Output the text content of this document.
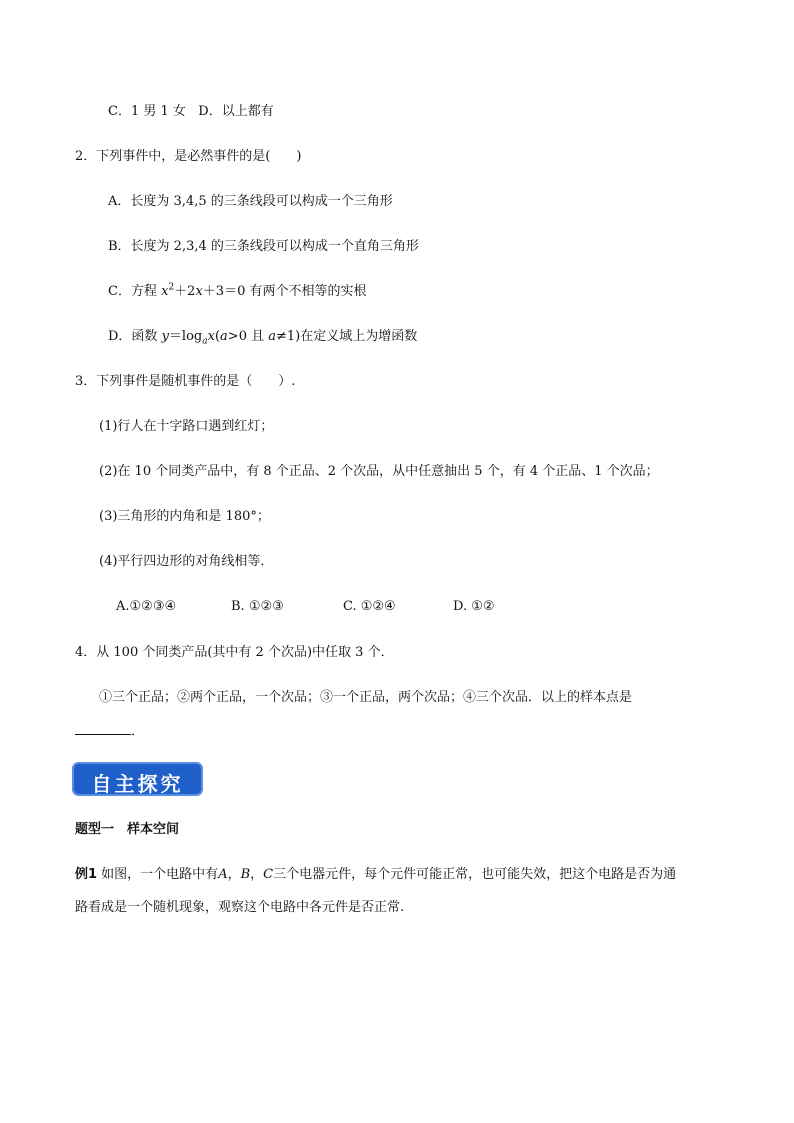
C．1 男 1 女 D．以上都有
2．下列事件中，是必然事件的是(　　)
A．长度为 3,4,5 的三条线段可以构成一个三角形
B．长度为 2,3,4 的三条线段可以构成一个直角三角形
C．方程 $x^2+2x+3=0$ 有两个不相等的实根
D．函数 $y=\log_ax(a>0$ 且 a≠1)在定义域上为增函数
3．下列事件是随机事件的是（　　）.
(1)行人在十字路口遇到红灯；
(2)在 10 个同类产品中，有 8 个正品、2 个次品，从中任意抽出 5 个，有 4 个正品、1 个次品；
(3)三角形的内角和是 180°；
(4)平行四边形的对角线相等．
A.①②③④	B. ①②③	C. ①②④	D. ①②
4．从 100 个同类产品(其中有 2 个次品)中任取 3 个．
①三个正品；②两个正品，一个次品；③一个正品，两个次品；④三个次品．以上的样本点是
．
自主探究
题型一　样本空间
例1 如图，一个电路中有A，B，C三个电器元件，每个元件可能正常，也可能失效，把这个电路是否为通
路看成是一个随机现象，观察这个电路中各元件是否正常.
